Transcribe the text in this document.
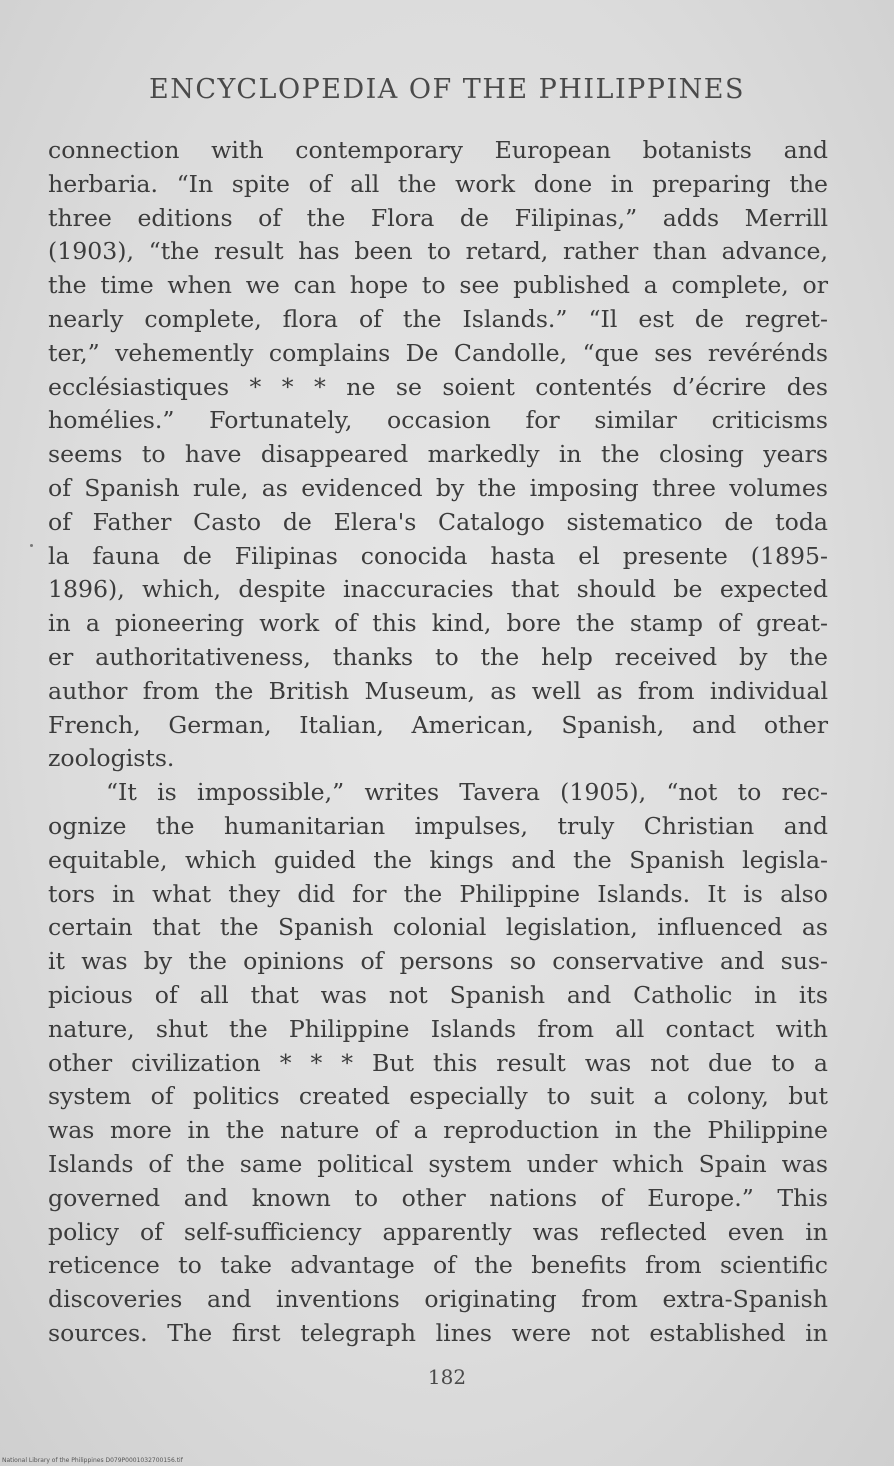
ENCYCLOPEDIA OF THE PHILIPPINES
connection with contemporary European botanists and
herbaria. “In spite of all the work done in preparing the
three editions of the Flora de Filipinas,” adds Merrill
(1903), “the result has been to retard, rather than advance,
the time when we can hope to see published a complete, or
nearly complete, flora of the Islands.” “Il est de regret-
ter,” vehemently complains De Candolle, “que ses revérénds
ecclésiastiques * * * ne se soient contentés d’écrire des
homélies.” Fortunately, occasion for similar criticisms
seems to have disappeared markedly in the closing years
of Spanish rule, as evidenced by the imposing three volumes
of Father Casto de Elera's Catalogo sistematico de toda
la fauna de Filipinas conocida hasta el presente (1895-
1896), which, despite inaccuracies that should be expected
in a pioneering work of this kind, bore the stamp of great-
er authoritativeness, thanks to the help received by the
author from the British Museum, as well as from individual
French, German, Italian, American, Spanish, and other
zoologists.
“It is impossible,” writes Tavera (1905), “not to rec-
ognize the humanitarian impulses, truly Christian and
equitable, which guided the kings and the Spanish legisla-
tors in what they did for the Philippine Islands. It is also
certain that the Spanish colonial legislation, influenced as
it was by the opinions of persons so conservative and sus-
picious of all that was not Spanish and Catholic in its
nature, shut the Philippine Islands from all contact with
other civilization * * * But this result was not due to a
system of politics created especially to suit a colony, but
was more in the nature of a reproduction in the Philippine
Islands of the same political system under which Spain was
governed and known to other nations of Europe.” This
policy of self-sufficiency apparently was reflected even in
reticence to take advantage of the benefits from scientific
discoveries and inventions originating from extra-Spanish
sources. The first telegraph lines were not established in
182
National Library of the Philippines D079P0001032700156.tif
